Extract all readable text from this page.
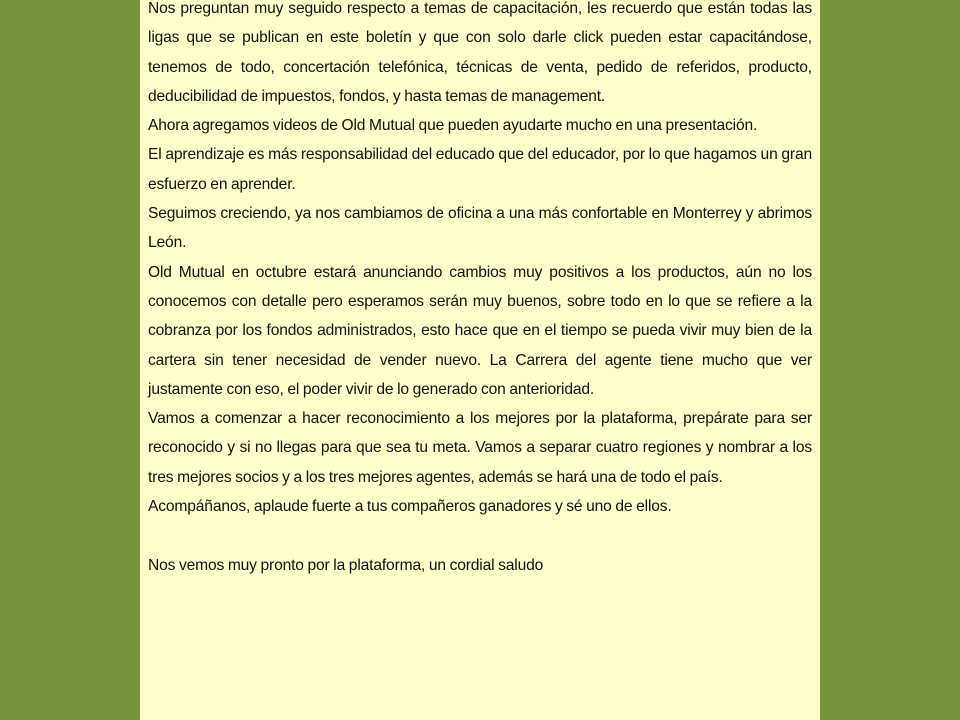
Nos preguntan muy seguido respecto a temas de capacitación, les recuerdo que están todas las ligas que se publican en este boletín y que con solo darle click pueden estar capacitándose, tenemos de todo, concertación telefónica, técnicas de venta, pedido de referidos, producto, deducibilidad de impuestos, fondos, y hasta temas de management.

Ahora agregamos videos de Old Mutual que pueden ayudarte mucho en una presentación.

El aprendizaje es más responsabilidad del educado que del educador, por lo que hagamos un gran esfuerzo en aprender.

Seguimos creciendo, ya nos cambiamos de oficina a una más confortable en Monterrey y abrimos León.

Old Mutual en octubre estará anunciando cambios muy positivos a los productos, aún no los conocemos con detalle pero esperamos serán muy buenos, sobre todo en lo que se refiere a la cobranza por los fondos administrados, esto hace que en el tiempo se pueda vivir muy bien de la cartera sin tener necesidad de vender nuevo. La Carrera del agente tiene mucho que ver justamente con eso, el poder vivir de lo generado con anterioridad.

Vamos a comenzar a hacer reconocimiento a los mejores por la plataforma, prepárate para ser reconocido y si no llegas para que sea tu meta. Vamos a separar cuatro regiones y nombrar a los tres mejores socios y a los tres mejores agentes, además se hará una de todo el país.

Acompáñanos, aplaude fuerte a tus compañeros ganadores y sé uno de ellos.

Nos vemos muy pronto por la plataforma, un cordial saludo
